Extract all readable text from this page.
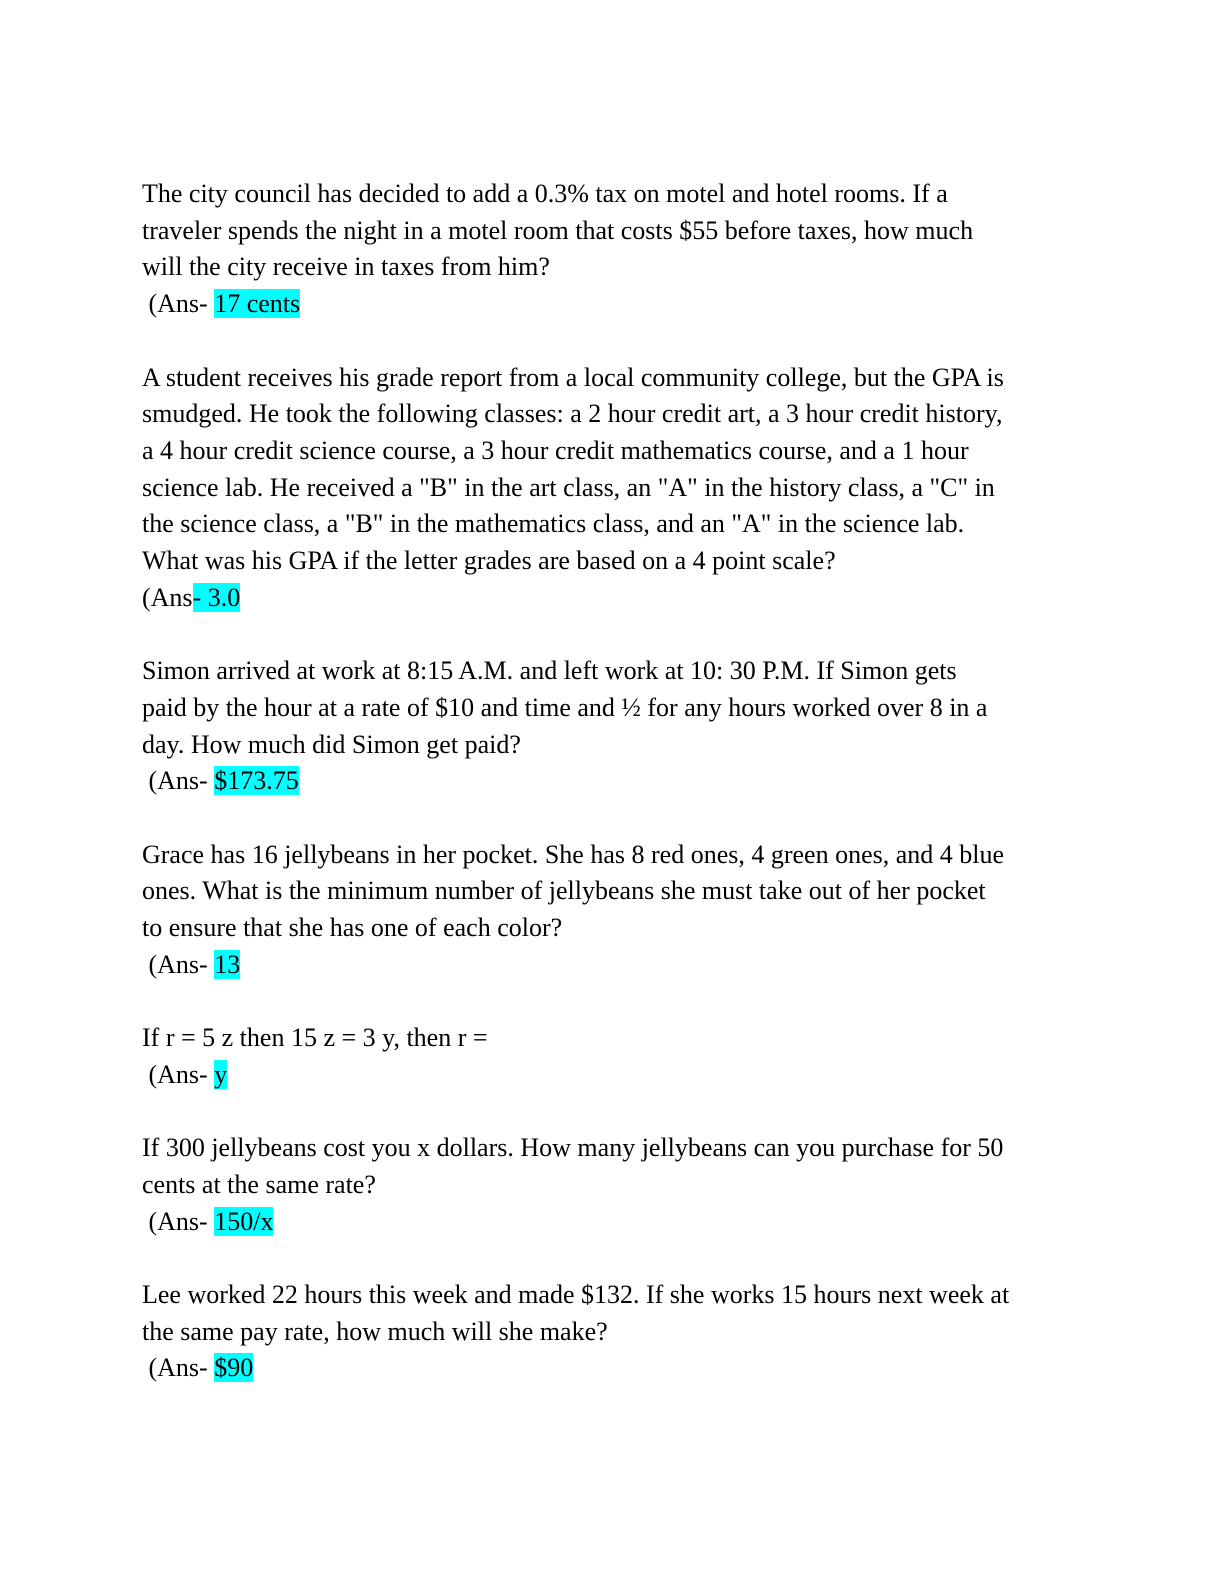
The city council has decided to add a 0.3% tax on motel and hotel rooms. If a
traveler spends the night in a motel room that costs $55 before taxes, how much
will the city receive in taxes from him?

(Ans- 17 cents

A student receives his grade report from a local community college, but the GPA is
smudged. He took the following classes: a 2 hour credit art, a 3 hour credit history,
a 4 hour credit science course, a 3 hour credit mathematics course, and a 1 hour
science lab. He received a "B" in the art class, an "A" in the history class, a "C" in
the science class, a "B" in the mathematics class, and an "A" in the science lab.
What was his GPA if the letter grades are based on a 4 point scale?

(Ans- 3.0

Simon arrived at work at 8:15 A.M. and left work at 10: 30 P.M. If Simon gets
paid by the hour at a rate of $10 and time and ½ for any hours worked over 8 in a
day. How much did Simon get paid?

(Ans- $173.75

Grace has 16 jellybeans in her pocket. She has 8 red ones, 4 green ones, and 4 blue
ones. What is the minimum number of jellybeans she must take out of her pocket
to ensure that she has one of each color?

(Ans- 13

If r = 5 z then 15 z = 3 y, then r =

(Ans- y

If 300 jellybeans cost you x dollars. How many jellybeans can you purchase for 50
cents at the same rate?

(Ans- 150/x

Lee worked 22 hours this week and made $132. If she works 15 hours next week at
the same pay rate, how much will she make?

(Ans- $90
